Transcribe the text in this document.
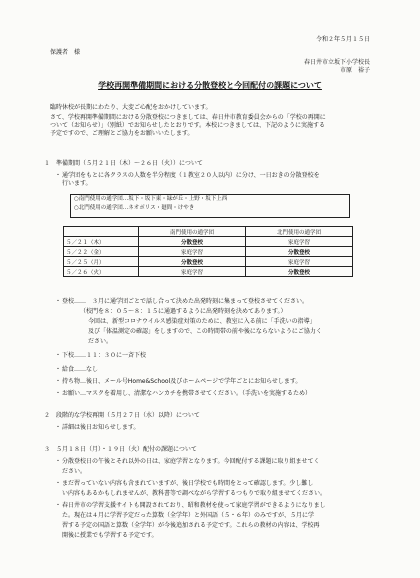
令和２年５月１５日
保護者　様
春日井市立坂下小学校長
市原　裕子
学校再開準備期間における分散登校と今回配付の課題について
臨時休校が長期にわたり、大変ご心配をおかけしています。
さて、学校再開準備期間における分散登校につきましては、春日井市教育委員会からの「学校の再開に
ついて（お知らせ）」（別紙）でお知らせしたとおりです。本校につきましては、下記のように実施する
予定ですので、ご理解とご協力をお願いいたします。
１　準備期間（５月２１日（木）～２６日（火））について
・ 通学団をもとに各クラスの人数を半分程度（１教室２０人以内）に分け、一日おきの分散登校を
行います。
○南門使用の通学団…坂下・坂下東・緑が丘・上野・坂下上西
○北門使用の通学団…ネオポリス・廻間・けやき
	南門使用の通学団	北門使用の通学団
５／２１（木）	分散登校	家庭学習
５／２２（金）	家庭学習	分散登校
５／２５（月）	分散登校	家庭学習
５／２６（火）	家庭学習	分散登校
・ 登校……　３月に通学団ごとで話し合って決めた出発時刻に集まって登校させてください。
（校門を８：０５～８：１５に通過するように出発時刻を決めてあります。）
今回は、新型コロナウイルス感染症対策のために、教室に入る前に「手洗いの指導」
及び「体温測定の確認」をしますので、この時間帯の前や後にならないようにご協力く
ださい。
・ 下校……１１：３０に一斉下校
・ 給食……なし
・ 持ち物…後日、メール号Home&School及びホームページで学年ごとにお知らせします。
・ お願い…マスクを着用し、清潔なハンカチを携帯させてください。（手洗いを実施するため）
２　段階的な学校再開（５月２７日（水）以降）について
・ 詳細は後日お知らせします。
３　５月１８日（月）・１９日（火）配付の課題について
・ 分散登校日の午後とそれ以外の日は、家庭学習となります。今回配付する課題に取り組ませてく
ださい。
・ まだ習っていない内容も含まれていますが、後日学校でも時間をとって確認します。少し難し
い内容もあるかもしれませんが、教科書等で調べながら学習するつもりで取り組ませてください。
・ 春日井市の学習支援サイトも開設されており、昭和教材を使って家庭学習ができるようになりまし
た。現在は４月に学習予定だった算数（全学年）と外国語（５・６年）のみですが、５月に学
習する予定の国語と算数（全学年）が今後追加される予定です。これらの教材の内容は、学校再
開後に授業でも学習する予定です。
